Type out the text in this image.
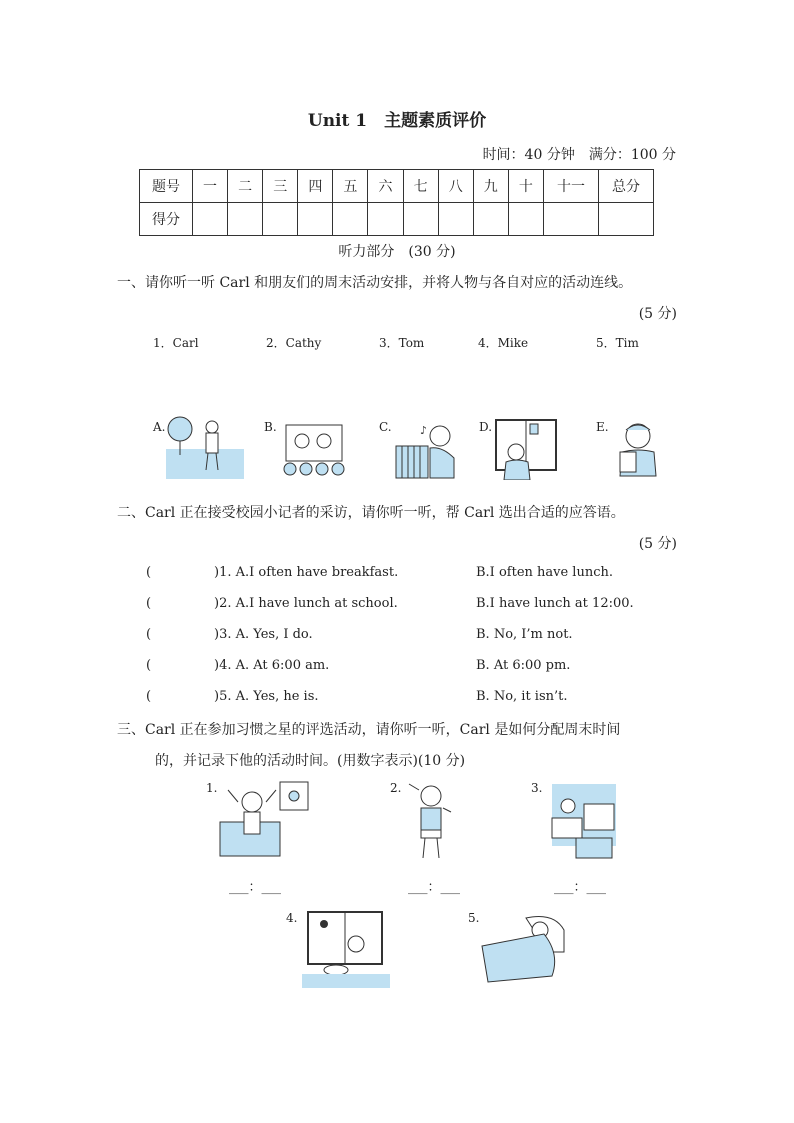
Unit 1　主题素质评价
时间：40 分钟　满分：100 分
题号	一	二	三	四	五	六	七	八	九	十	十一	总分
得分												
听力部分　(30 分)
一、请你听一听 Carl 和朋友们的周末活动安排，并将人物与各自对应的活动连线。
(5 分)
1．Carl	2．Cathy	3．Tom	4．Mike	5．Tim
A.	B.	C.	♪	D.	E.
二、Carl 正在接受校园小记者的采访，请你听一听，帮 Carl 选出合适的应答语。
(5 分)
(	)1. A.I often have breakfast.	B.I often have lunch.
(	)2. A.I have lunch at school.	B.I have lunch at 12:00.
(	)3. A. Yes, I do.	B. No, I’m not.
(	)4. A. At 6:00 am.	B. At 6:00 pm.
(	)5. A. Yes, he is.	B. No, it isn’t.
三、Carl 正在参加习惯之星的评选活动，请你听一听，Carl 是如何分配周末时间
的，并记录下他的活动时间。(用数字表示)(10 分)
1.
___：___
2.
___：___
3.
___：___
4.	5.
